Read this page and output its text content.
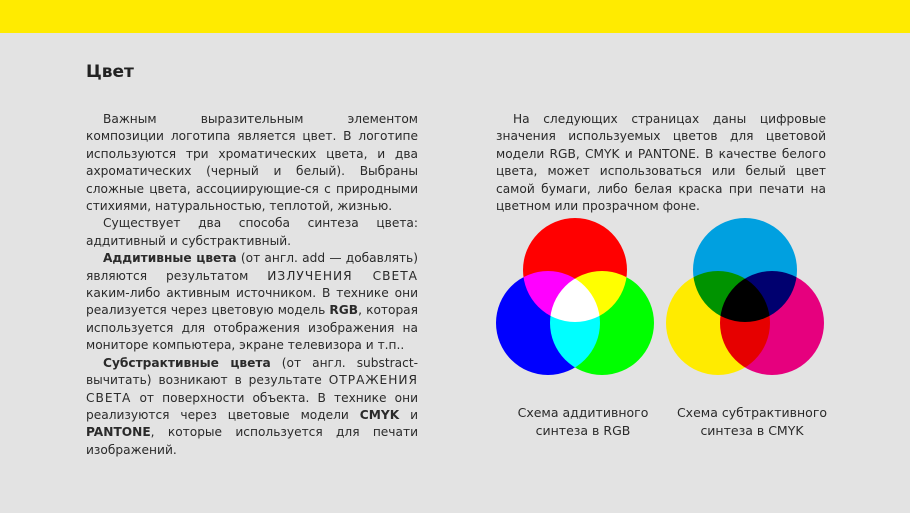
Цвет

Важным выразительным элементом композиции логотипа является цвет. В логотипе используются три хроматических цвета, и два ахроматических (черный и белый). Выбраны сложные цвета, ассоциирующие-ся с природными стихиями, натуральностью, теплотой, жизнью.

Существует два способа синтеза цвета: аддитивный и субстрактивный.

Аддитивные цвета (от англ. add — добавлять) являются результатом ИЗЛУЧЕНИЯ СВЕТА каким-либо активным источником. В технике они реализуется через цветовую модель RGB, которая используется для отображения изображения на мониторе компьютера, экране телевизора и т.п..

Субстрактивные цвета (от англ. substract- вычитать) возникают в результате ОТРАЖЕНИЯ СВЕТА от поверхности объекта. В технике они реализуются через цветовые модели CMYK и PANTONE, которые используется для печати изображений.

На следующих страницах даны цифровые значения используемых цветов для цветовой модели RGB, CMYK и PANTONE. В качестве белого цвета, может использоваться или белый цвет самой бумаги, либо белая краска при печати на цветном или прозрачном фоне.

Схема аддитивного
синтеза в RGB
Схема субтрактивного
синтеза в CMYK
